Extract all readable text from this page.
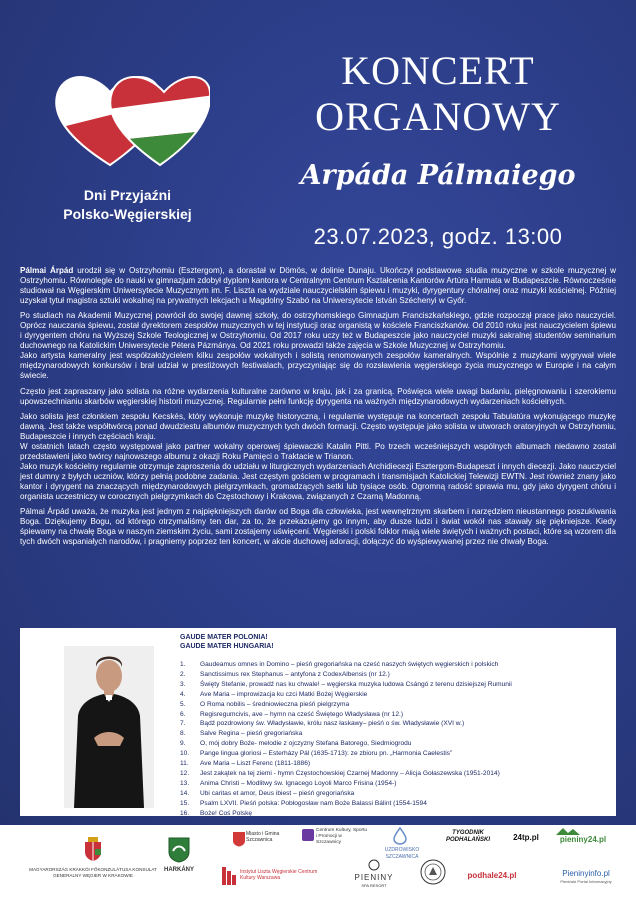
Dni Przyjaźni
Polsko-Węgierskiej
KONCERT
ORGANOWY
Arpáda Pálmaiego
23.07.2023, godz. 13:00

Pálmai Árpád urodził się w Ostrzyhomiu (Esztergom), a dorastał w Dömös, w dolinie Dunaju. Ukończył podstawowe studia muzyczne w szkole muzycznej w Ostrzyhomiu. Równolegle do nauki w gimnazjum zdobył dyplom kantora w Centralnym Centrum Kształcenia Kantorów Artúra Harmata w Budapeszcie. Równocześnie studiował na Węgierskim Uniwersytecie Muzycznym im. F. Liszta na wydziale nauczycielskim śpiewu i muzyki, dyrygentury chóralnej oraz muzyki kościelnej. Później uzyskał tytuł magistra sztuki wokalnej na prywatnych lekcjach u Magdolny Szabó na Uniwersytecie István Széchenyi w Győr.

Po studiach na Akademii Muzycznej powrócił do swojej dawnej szkoły, do ostrzyhomskiego Gimnazjum Franciszkańskiego, gdzie rozpoczął prace jako nauczyciel. Oprócz nauczania śpiewu, został dyrektorem zespołów muzycznych w tej instytucji oraz organistą w kościele Franciszkanów. Od 2010 roku jest nauczycielem śpiewu i dyrygentem chóru na Wyższej Szkole Teologicznej w Ostrzyhomiu. Od 2017 roku uczy też w Budapeszcie jako nauczyciel muzyki sakralnej studentów seminarium duchownego na Katolickim Uniwersytecie Pétera Pázmánya. Od 2021 roku prowadzi także zajęcia w Szkole Muzycznej w Ostrzyhomiu.

Jako artysta kameralny jest współzałożycielem kilku zespołów wokalnych i solistą renomowanych zespołów kameralnych. Wspólnie z muzykami wygrywał wiele międzynarodowych konkursów i brał udział w prestiżowych festiwalach, przyczyniając się do rozsławienia węgierskiego życia muzycznego w Europie i na całym świecie.

Często jest zapraszany jako solista na różne wydarzenia kulturalne zarówno w kraju, jak i za granicą. Poświęca wiele uwagi badaniu, pielęgnowaniu i szerokiemu upowszechnianiu skarbów węgierskiej historii muzycznej. Regularnie pełni funkcję dyrygenta na ważnych międzynarodowych wydarzeniach kościelnych.

Jako solista jest członkiem zespołu Kecskés, który wykonuje muzykę historyczną, i regularnie występuje na koncertach zespołu Tabulatúra wykonującego muzykę dawną. Jest także współtwórcą ponad dwudziestu albumów muzycznych tych dwóch formacji. Często występuje jako solista w utworach oratoryjnych w Ostrzyhomiu, Budapeszcie i innych częściach kraju.

W ostatnich latach często występował jako partner wokalny operowej śpiewaczki Katalin Pitti. Po trzech wcześniejszych wspólnych albumach niedawno zostali przedstawieni jako twórcy najnowszego albumu z okazji Roku Pamięci o Traktacie w Trianon.

Jako muzyk kościelny regularnie otrzymuje zaproszenia do udziału w liturgicznych wydarzeniach Archidiecezji Esztergom-Budapeszt i innych diecezji. Jako nauczyciel jest dumny z byłych uczniów, którzy pełnią podobne zadania. Jest częstym gościem w programach i transmisjach Katolickiej Telewizji EWTN. Jest również znany jako kantor i dyrygent na znaczących międzynarodowych pielgrzymkach, gromadzących setki lub tysiące osób. Ogromną radość sprawia mu, gdy jako dyrygent chóru i organista uczestniczy w corocznych pielgrzymkach do Częstochowy i Krakowa, związanych z Czarną Madonną.

Pálmai Árpád uważa, że muzyka jest jednym z najpiękniejszych darów od Boga dla człowieka, jest wewnętrznym skarbem i narzędziem nieustannego poszukiwania Boga. Dziękujemy Bogu, od którego otrzymaliśmy ten dar, za to, że przekazujemy go innym, aby dusze ludzi i świat wokół nas stawały się piękniejsze. Kiedy śpiewamy na chwałę Boga w naszym ziemskim życiu, sami zostajemy uświęceni. Węgierski i polski folklor mają wiele świętych i ważnych postaci, które są wzorem dla tych dwóch wspaniałych narodów, i pragniemy poprzez ten koncert, w akcie duchowej adoracji, dołączyć do wyśpiewywanej przez nie chwały Boga.

GAUDE MATER POLONIA!
GAUDE MATER HUNGARIA!
1.	Gaudeamus omnes in Domino – pieśń gregoriańska na cześć naszych świętych węgierskich i polskich
2.	Sanctissimus rex Stephanus – antyfona z CodexAlbensis (nr 12.)
3.	Święty Stefanie, prowadź nas ku chwale! – węgierska muzyka ludowa Csángó z terenu dzisiejszej Rumunii
4.	Ave Maria – improwizacja ku czci Matki Bożej Węgierskie
5.	O Roma nobilis – średniowieczna pieśń pielgrzyma
6.	Regisregumcivis, ave – hymn na cześć Świętego Władysława (nr 12.)
7.	Bądź pozdrowiony św. Władysławie, królu nasz łaskawy– pieśń o św. Władysławie (XVI w.)
8.	Salve Regina – pieśń gregoriańska
9.	O, mój dobry Boże- melodie z ojczyzny Stefana Batorego, Siedmiogrodu
10.	Pange lingua gloriosi – Esterházy Pál (1635-1713): ze zbioru pn. „Harmonia Caelestis”
11.	Ave Maria – Liszt Ferenc (1811-1886)
12.	Jest zakątek na tej ziemi - hymn Częstochowskiej Czarnej Madonny – Alicja Gołaszewska (1951-2014)
13.	Anima Christi – Modlitwy św. Ignacego Loyoli Marco Frisina (1954-)
14.	Ubi caritas et amor, Deus ibiest – pieśń gregoriańska
15.	Psalm LXVII. Pieśń polska: Pobłogosław nam Boże Balassi Bálint (1554-1594
16.	Boże! Coś Polskę
MAGYARORSZÁG KRAKKÓI FŐKONZULÁTUSA KONSULAT GENERALNY WĘGIER W KRAKOWIE
HARKÁNY
Miasto i Gmina Szczawnica
Centrum Kultury, Sportu i Promocji w Szczawnicy
UZDROWISKO SZCZAWNICA
TYGODNIK PODHALAŃSKI	24tp.pl	pieniny24.pl
Instytut Liszta Węgierskie Centrum Kultury Warszawa	PIENINY
SPA RESORT
podhale24.pl	Pieninyinfo.pl
Pieniński Portal Informacyjny
